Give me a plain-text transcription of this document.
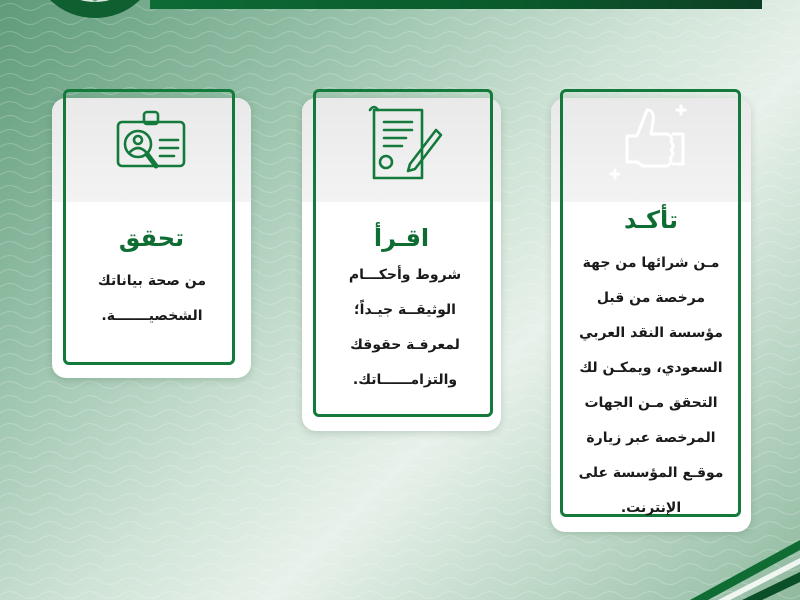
تحقق
من صحة بياناتك
الشخصيـــــــة.
اقـرأ
شروط وأحكـــام
الوثيقــة جيـداً؛
لمعرفـة حقوقك
والتزامــــــاتك.
تأكـد
مـن شرائها من جهة
مرخصة من قبل
مؤسسة النقد العربي
السعودي، ويمكـن لك
التحقق مـن الجهات
المرخصة عبر زيارة
موقـع المؤسسة على
الإنترنت.
